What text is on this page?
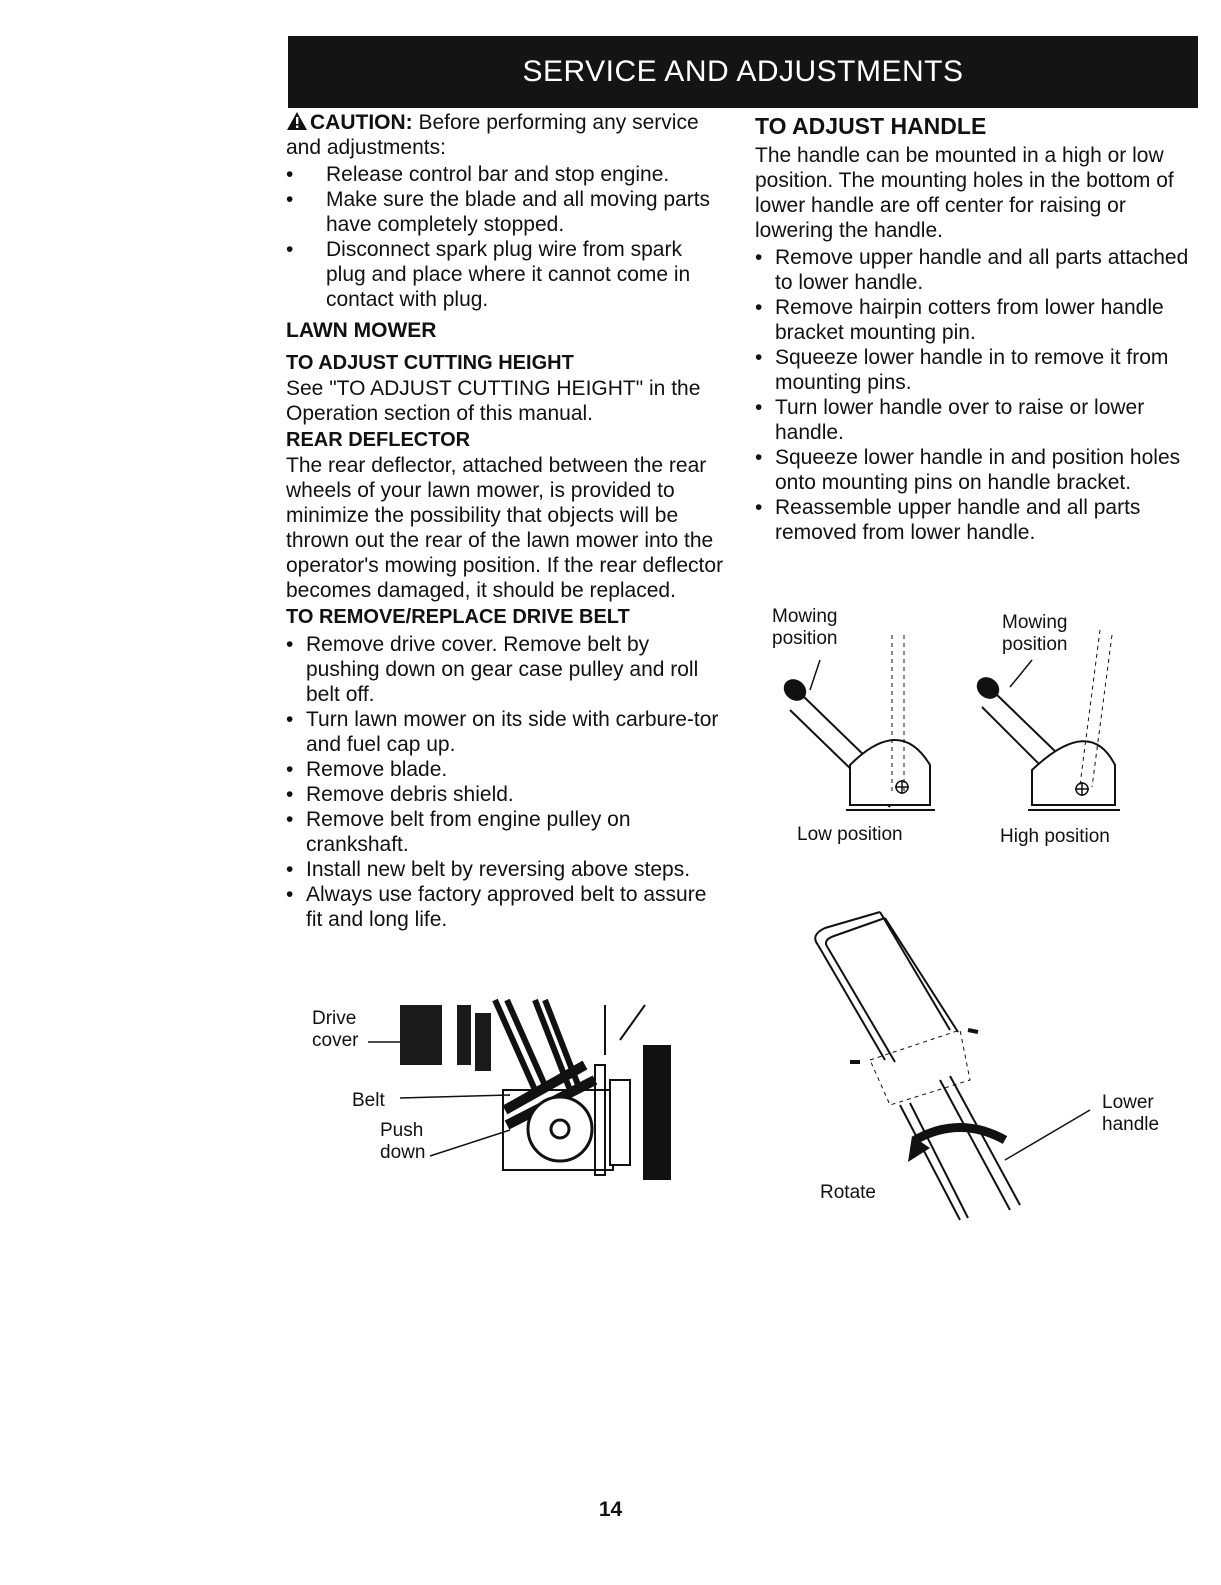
SERVICE AND ADJUSTMENTS

CAUTION: Before performing any service and adjustments:

• Release control bar and stop engine.
• Make sure the blade and all moving parts have completely stopped.
• Disconnect spark plug wire from spark plug and place where it cannot come in contact with plug.

LAWN MOWER

TO ADJUST CUTTING HEIGHT

See "TO ADJUST CUTTING HEIGHT" in the Operation section of this manual.

REAR DEFLECTOR

The rear deflector, attached between the rear wheels of your lawn mower, is provided to minimize the possibility that objects will be thrown out the rear of the lawn mower into the operator's mowing position. If the rear deflector becomes damaged, it should be replaced.

TO REMOVE/REPLACE DRIVE BELT

• Remove drive cover. Remove belt by pushing down on gear case pulley and roll belt off.
• Turn lawn mower on its side with carbure-tor and fuel cap up.
• Remove blade.
• Remove debris shield.
• Remove belt from engine pulley on crankshaft.
• Install new belt by reversing above steps.
• Always use factory approved belt to assure fit and long life.

TO ADJUST HANDLE

The handle can be mounted in a high or low position. The mounting holes in the bottom of lower handle are off center for raising or lowering the handle.

• Remove upper handle and all parts attached to lower handle.
• Remove hairpin cotters from lower handle bracket mounting pin.
• Squeeze lower handle in to remove it from mounting pins.
• Turn lower handle over to raise or lower handle.
• Squeeze lower handle in and position holes onto mounting pins on handle bracket.
• Reassemble upper handle and all parts removed from lower handle.
Drive
cover
Belt
Push
down
Mowing
position
Mowing
position
Low position	High position
Rotate
Lower
handle
14
